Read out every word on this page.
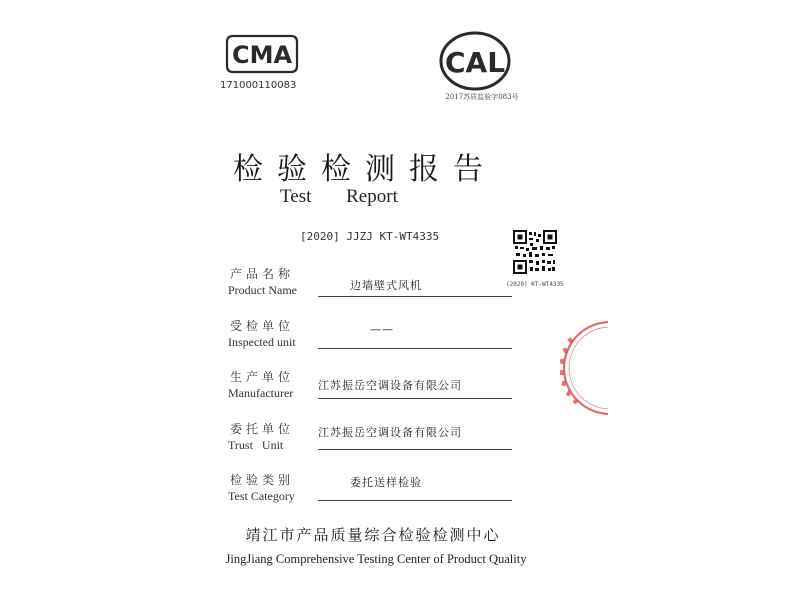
CMA
171000110083
CAL
2017苏质监验字083号
检验检测报告
Test Report
[2020] JJZJ KT-WT4335
(2020) KT-WT4335
产品名称
Product Name	边墙壁式风机
受检单位
Inspected unit
——
生产单位
Manufacturer
江苏振岳空调设备有限公司
委托单位
Trust   Unit
江苏振岳空调设备有限公司
检验类别
Test Category
委托送样检验
靖江市产品质量综合检验检测中心
JingJiang Comprehensive Testing Center of Product Quality
